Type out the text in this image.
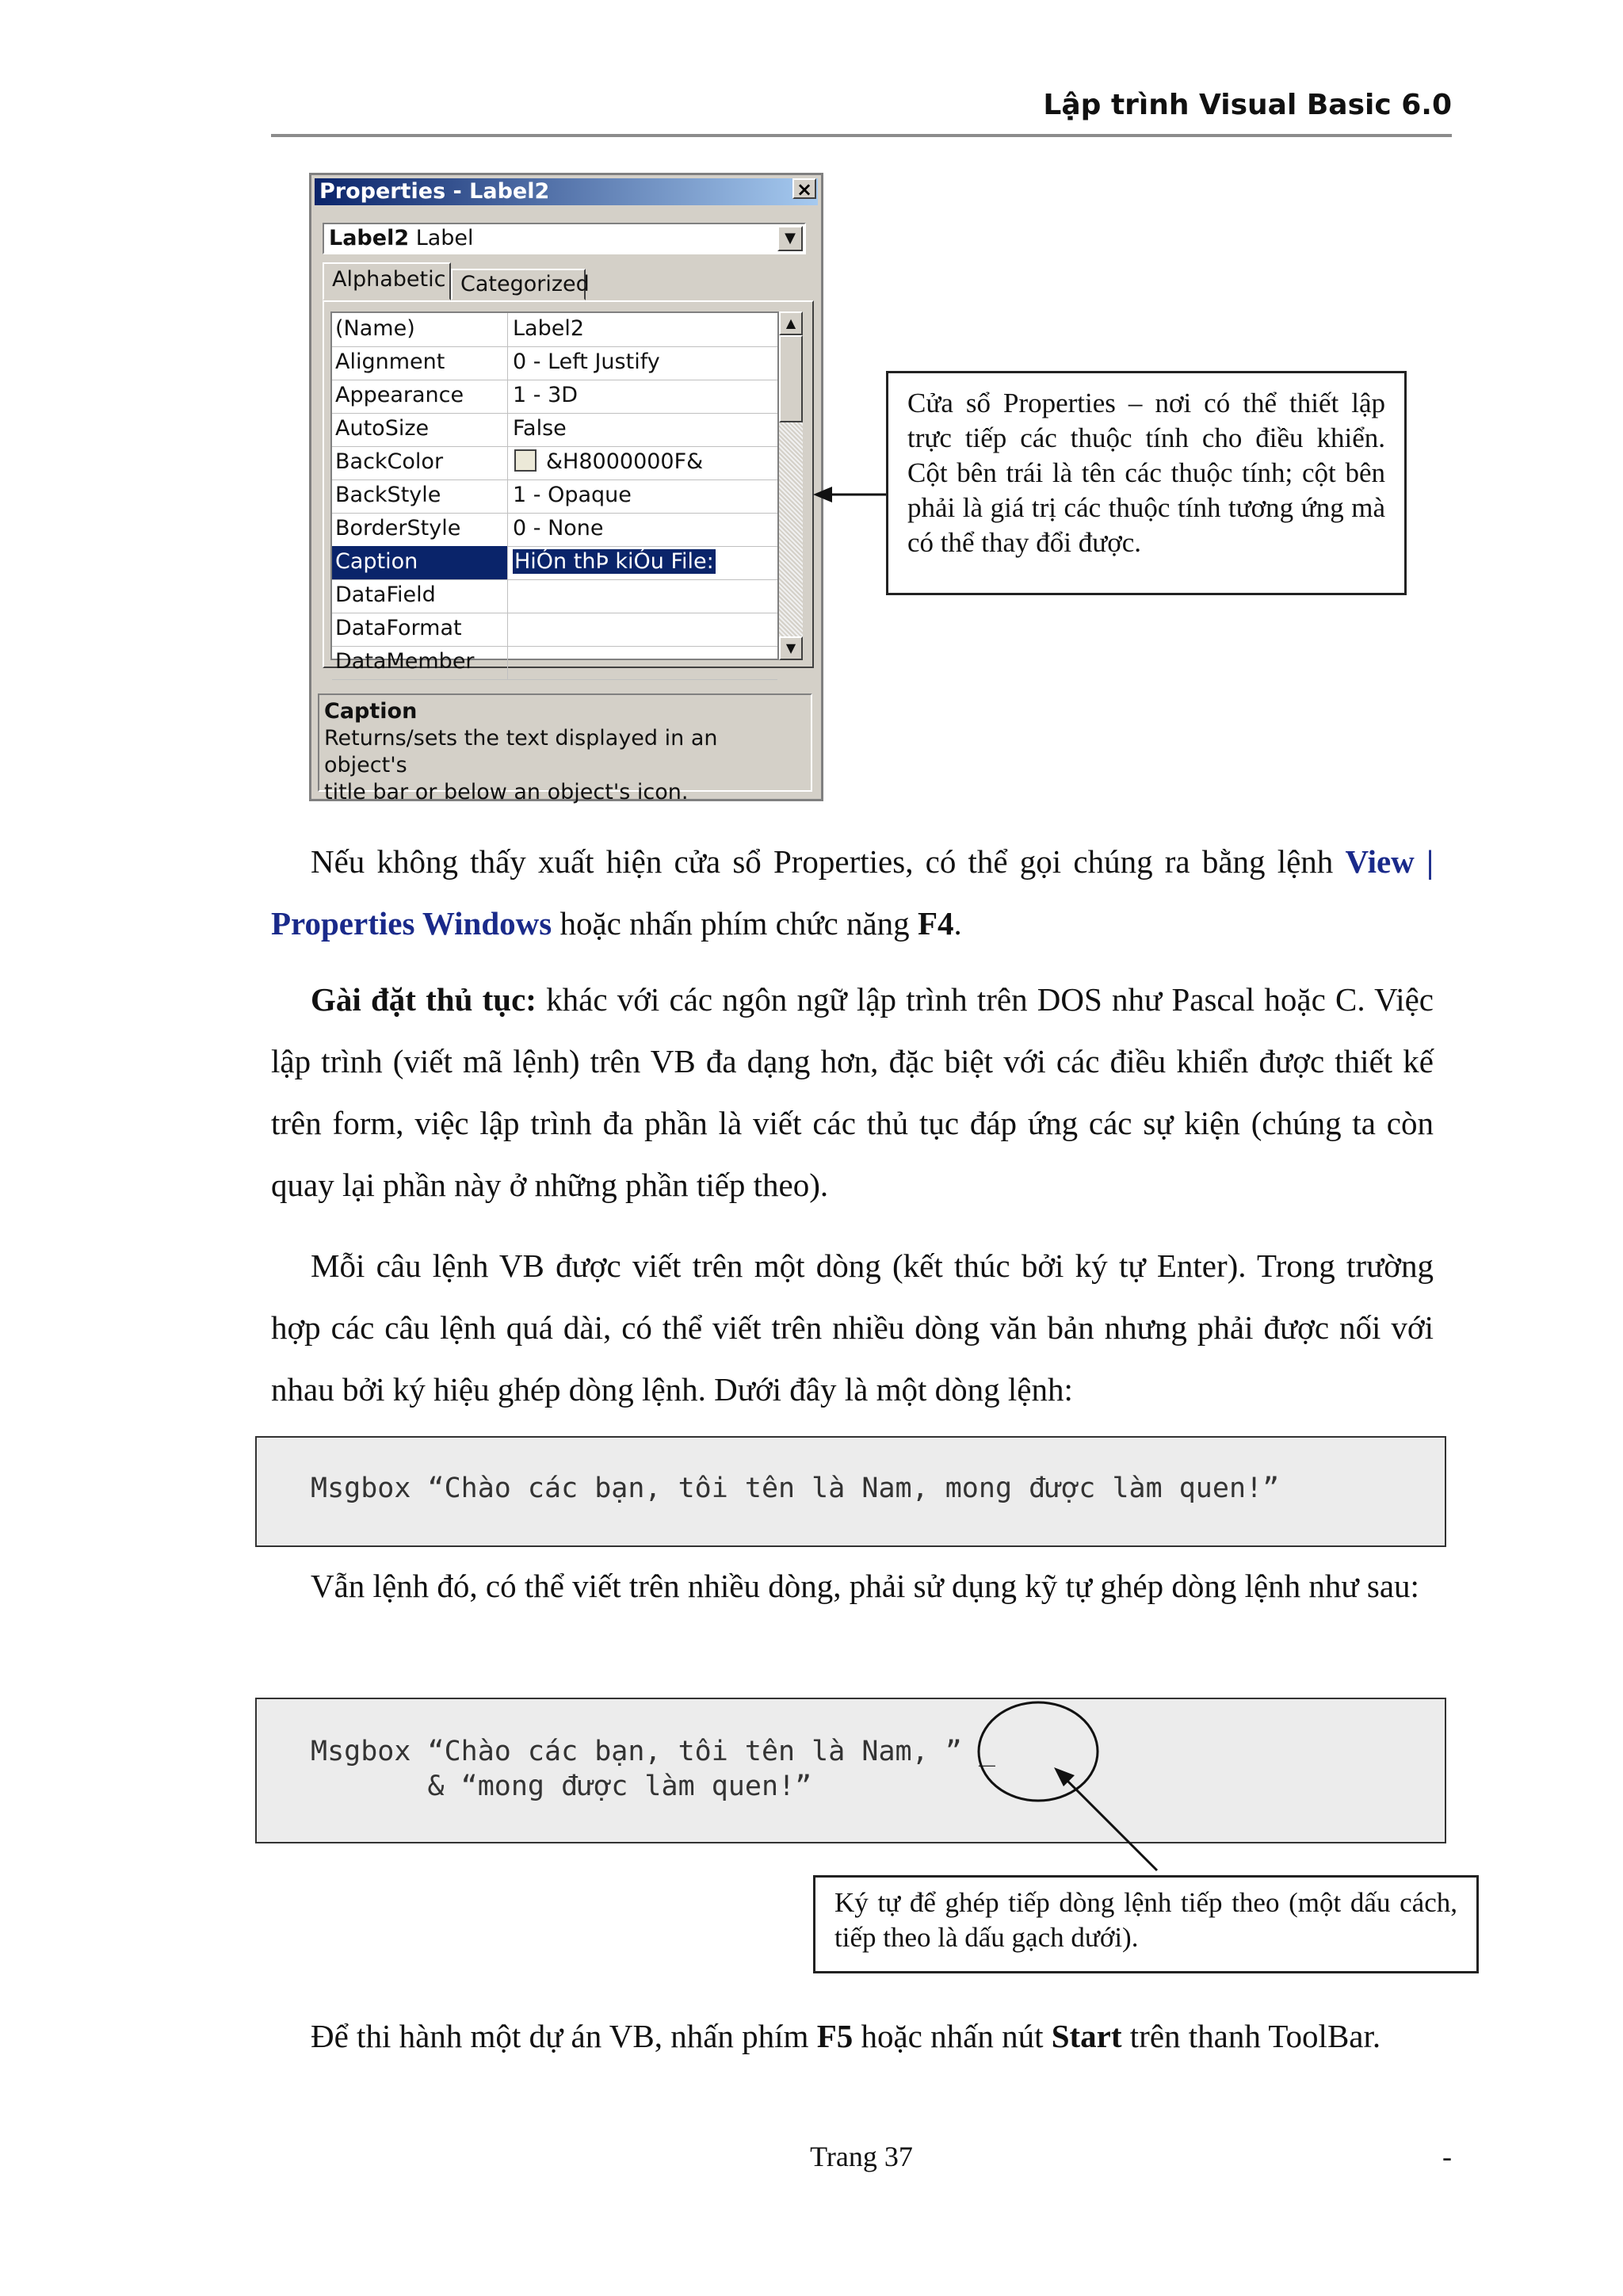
Lập trình Visual Basic 6.0
Properties - Label2	×
Label2 Label	▼
Alphabetic Categorized
(Name)	Label2
Alignment	0 - Left Justify
Appearance	1 - 3D
AutoSize	False
BackColor	&H8000000F&
BackStyle	1 - Opaque
BorderStyle	0 - None
Caption	HiÓn thÞ kiÓu File:
DataField
DataFormat
DataMember
▲
▼
Caption
Returns/sets the text displayed in an object's
title bar or below an object's icon.
Cửa sổ Properties – nơi có thể thiết lập trực tiếp các thuộc tính cho điều khiển. Cột bên trái là tên các thuộc tính; cột bên phải là giá trị các thuộc tính tương ứng mà có thể thay đổi được.
Nếu không thấy xuất hiện cửa sổ Properties, có thể gọi chúng ra bằng lệnh View | Properties Windows hoặc nhấn phím chức năng F4.
Gài đặt thủ tục: khác với các ngôn ngữ lập trình trên DOS như Pascal hoặc C. Việc lập trình (viết mã lệnh) trên VB đa dạng hơn, đặc biệt với các điều khiển được thiết kế trên form, việc lập trình đa phần là viết các thủ tục đáp ứng các sự kiện (chúng ta còn quay lại phần này ở những phần tiếp theo).
Mỗi câu lệnh VB được viết trên một dòng (kết thúc bởi ký tự Enter). Trong trường hợp các câu lệnh quá dài, có thể viết trên nhiều dòng văn bản nhưng phải được nối với nhau bởi ký hiệu ghép dòng lệnh. Dưới đây là một dòng lệnh:
Msgbox “Chào các bạn, tôi tên là Nam, mong được làm quen!”
Vẫn lệnh đó, có thể viết trên nhiều dòng, phải sử dụng kỹ tự ghép dòng lệnh như sau:
Msgbox “Chào các bạn, tôi tên là Nam, ” _
& “mong được làm quen!”
Ký tự để ghép tiếp dòng lệnh tiếp theo (một dấu cách, tiếp theo là dấu gạch dưới).
Để thi hành một dự án VB, nhấn phím F5 hoặc nhấn nút Start trên thanh ToolBar.
Trang 37	-
